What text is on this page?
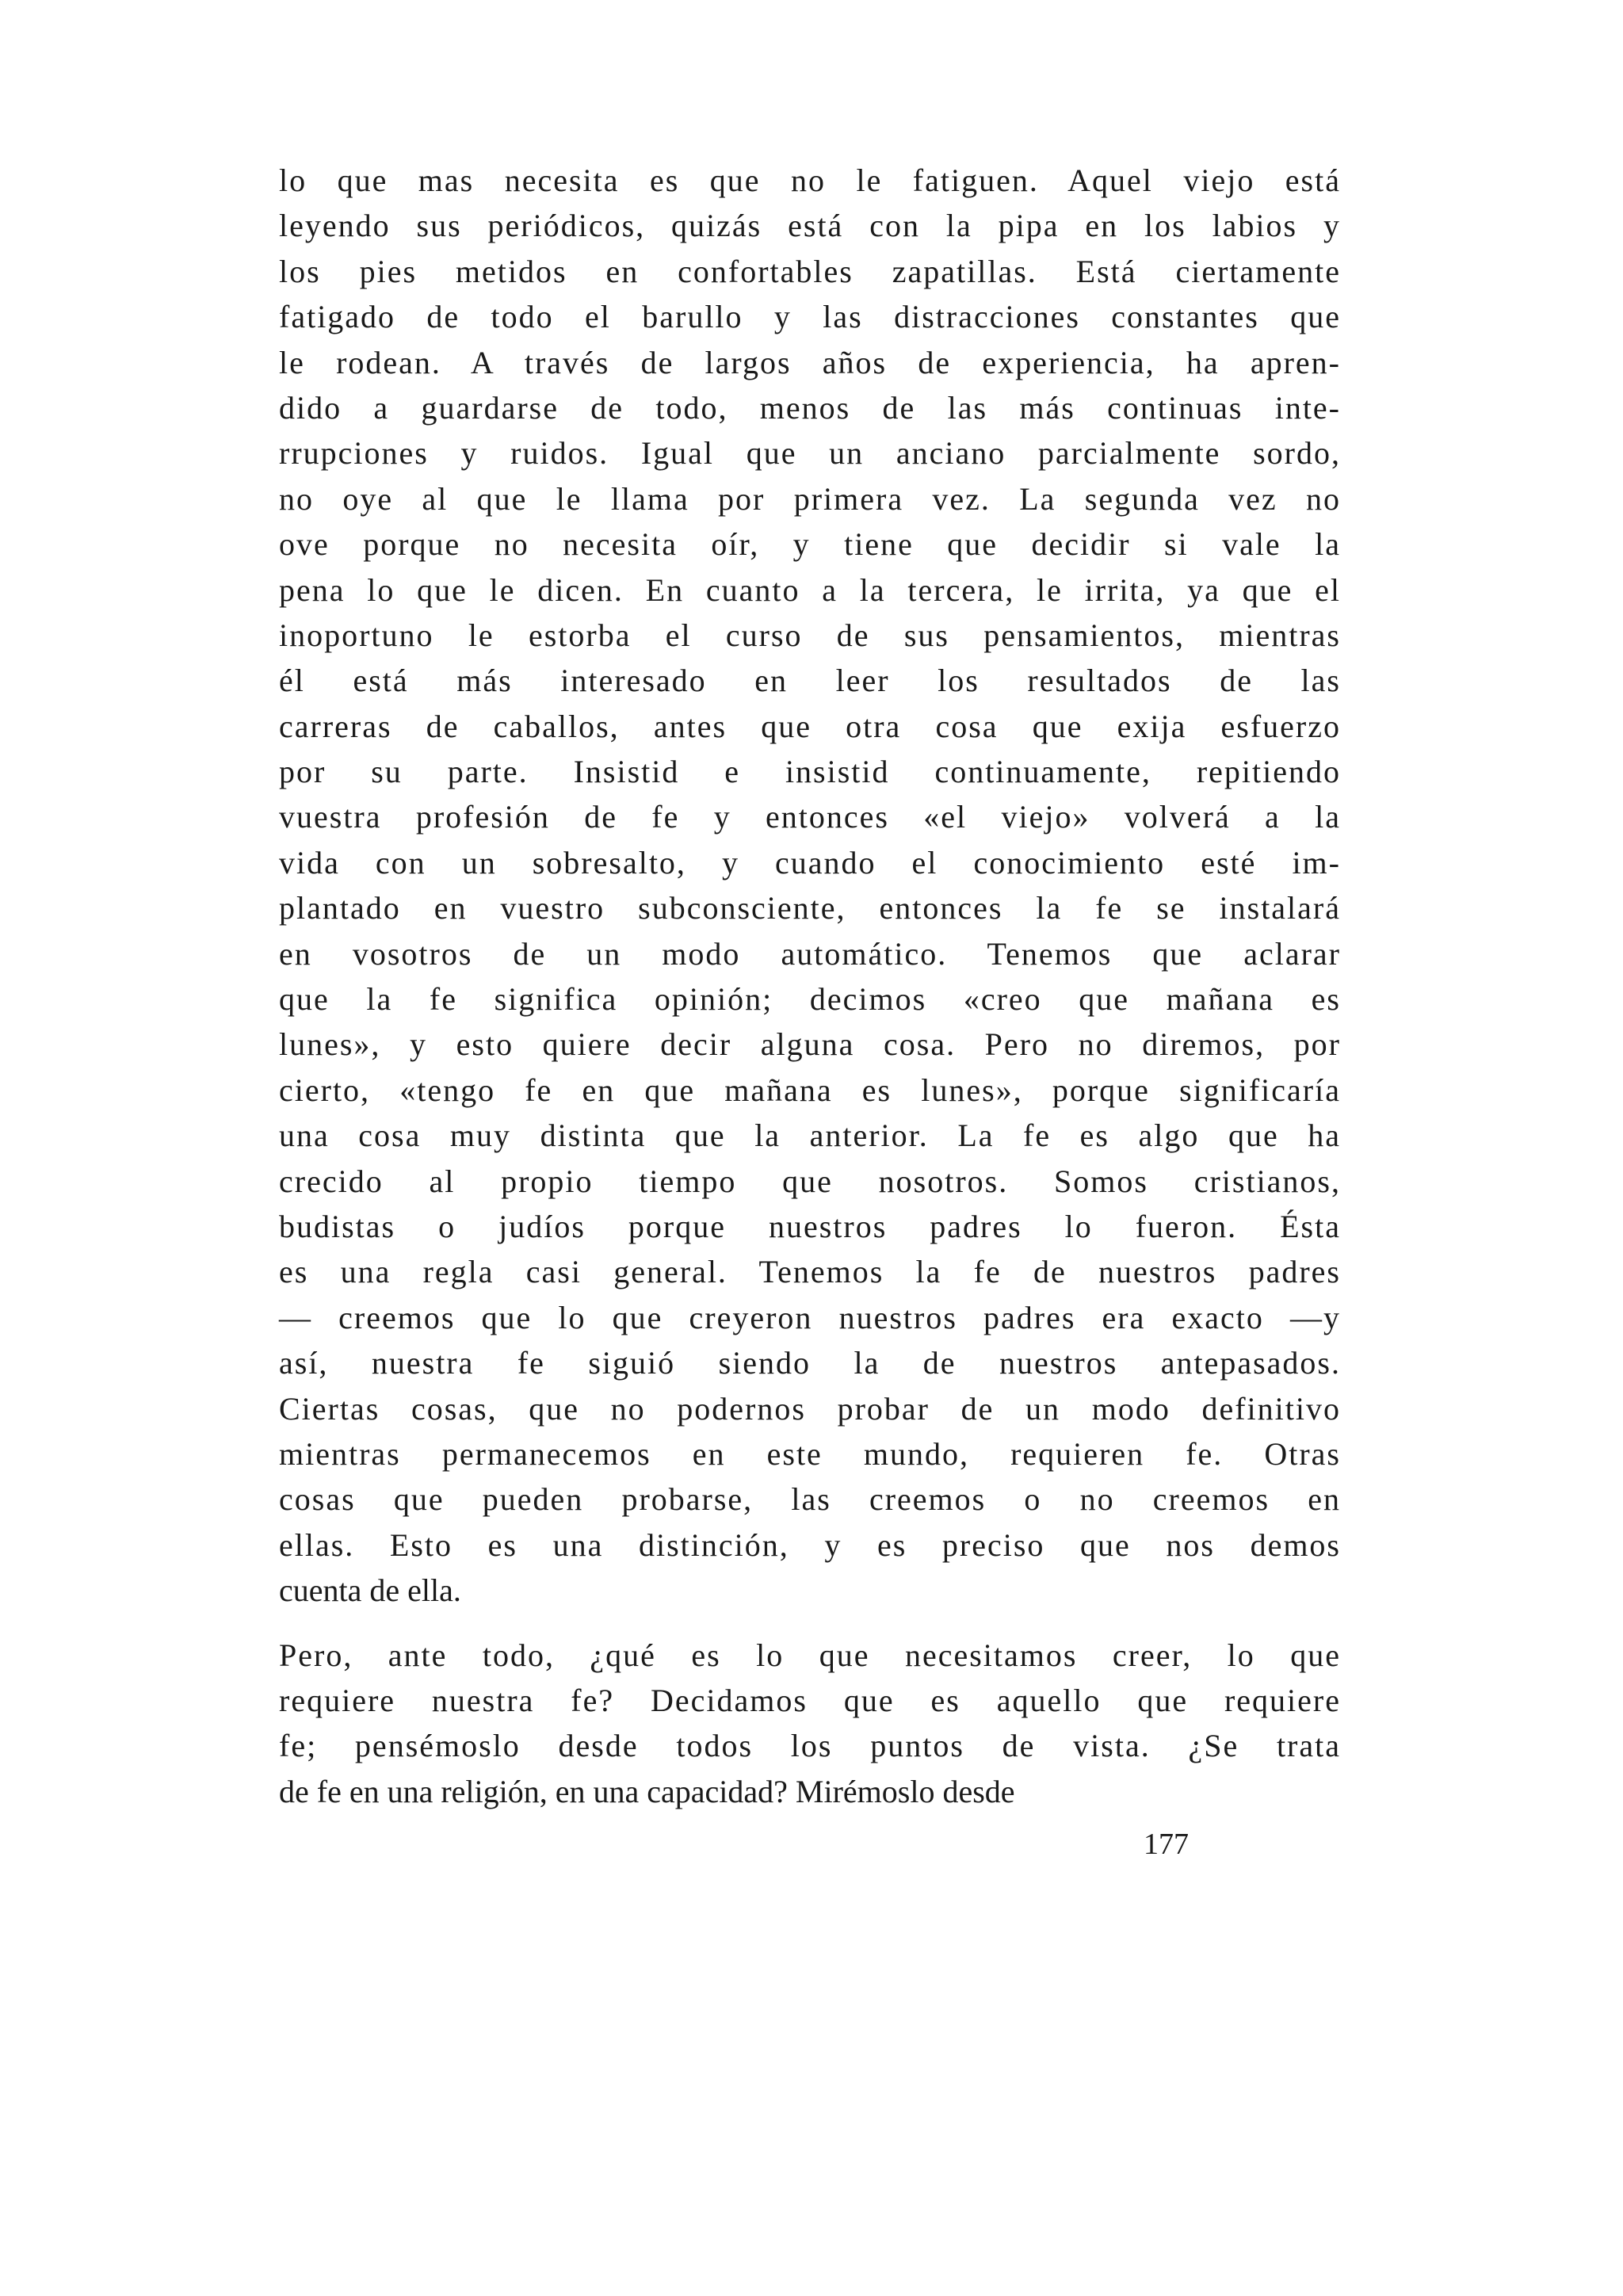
lo que mas necesita es que no le fatiguen. Aquel viejo está
leyendo sus periódicos, quizás está con la pipa en los labios y
los pies metidos en confortables zapatillas. Está ciertamente
fatigado de todo el barullo y las distracciones constantes que
le rodean. A través de largos años de experiencia, ha apren-
dido a guardarse de todo, menos de las más continuas inte-
rrupciones y ruidos. Igual que un anciano parcialmente sordo,
no oye al que le llama por primera vez. La segunda vez no
ove porque no necesita oír, y tiene que decidir si vale la
pena lo que le dicen. En cuanto a la tercera, le irrita, ya que el
inoportuno le estorba el curso de sus pensamientos, mientras
él está más interesado en leer los resultados de las
carreras de caballos, antes que otra cosa que exija esfuerzo
por su parte. Insistid e insistid continuamente, repitiendo
vuestra profesión de fe y entonces «el viejo» volverá a la
vida con un sobresalto, y cuando el conocimiento esté im-
plantado en vuestro subconsciente, entonces la fe se instalará
en vosotros de un modo automático. Tenemos que aclarar
que la fe significa opinión; decimos «creo que mañana es
lunes», y esto quiere decir alguna cosa. Pero no diremos, por
cierto, «tengo fe en que mañana es lunes», porque significaría
una cosa muy distinta que la anterior. La fe es algo que ha
crecido al propio tiempo que nosotros. Somos cristianos,
budistas o judíos porque nuestros padres lo fueron. Ésta
es una regla casi general. Tenemos la fe de nuestros padres
— creemos que lo que creyeron nuestros padres era exacto —y
así, nuestra fe siguió siendo la de nuestros antepasados.
Ciertas cosas, que no podernos probar de un modo definitivo
mientras permanecemos en este mundo, requieren fe. Otras
cosas que pueden probarse, las creemos o no creemos en
ellas. Esto es una distinción, y es preciso que nos demos
cuenta de ella.
Pero, ante todo, ¿qué es lo que necesitamos creer, lo que
requiere nuestra fe? Decidamos que es aquello que requiere
fe; pensémoslo desde todos los puntos de vista. ¿Se trata
de fe en una religión, en una capacidad? Mirémoslo desde
177
